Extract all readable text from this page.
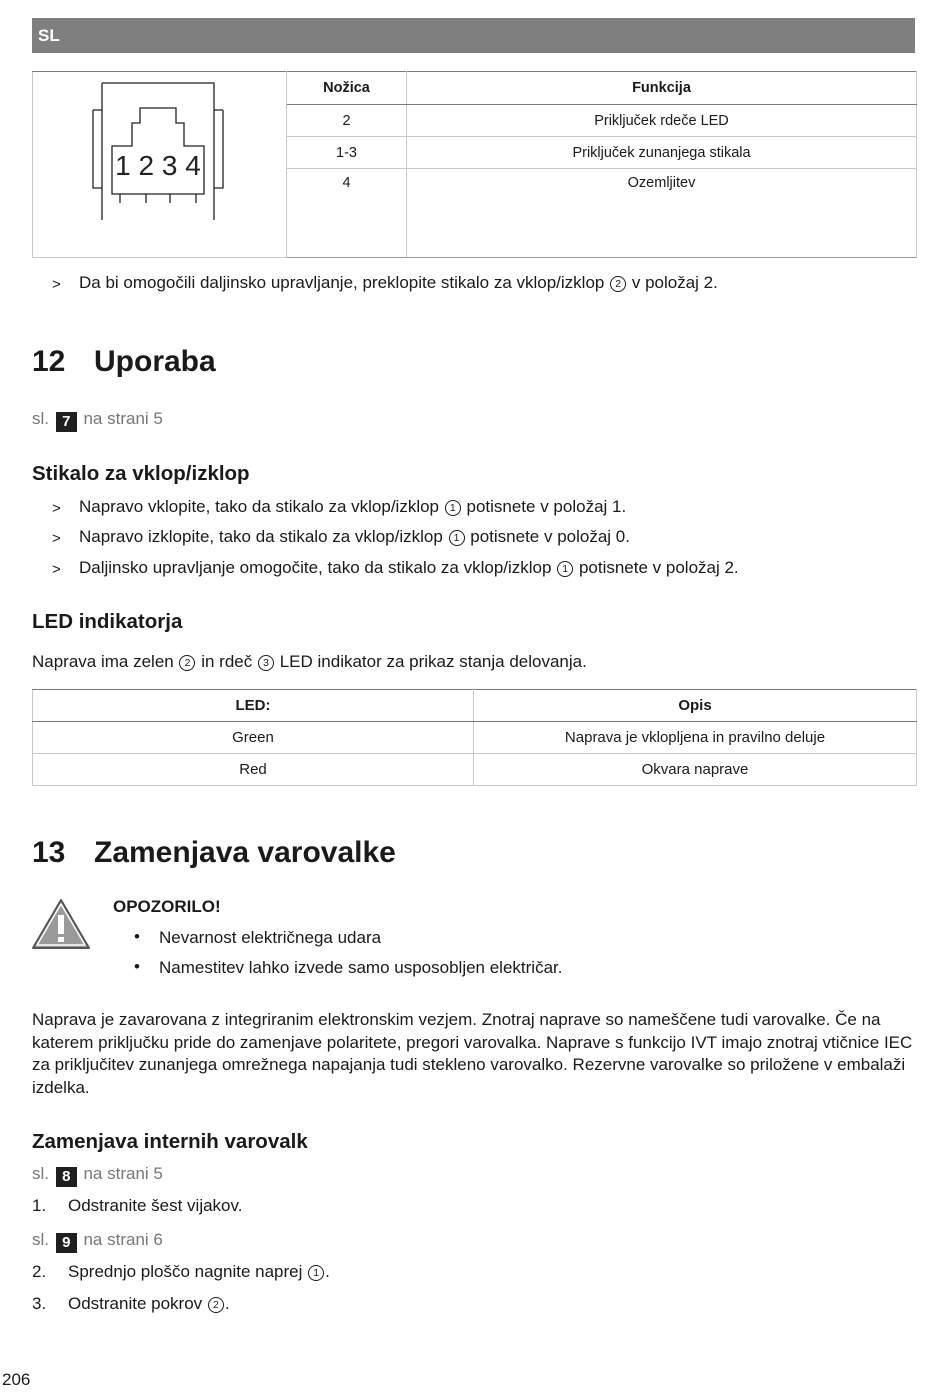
SL
1 2 3 4	Nožica	Funkcija
	2	Priključek rdeče LED
	1-3	Priključek zunanjega stikala
	4	Ozemljitev

> Da bi omogočili daljinsko upravljanje, preklopite stikalo za vklop/izklop 2 v položaj 2.
12 Uporaba
sl. 7 na strani 5
Stikalo za vklop/izklop
> Napravo vklopite, tako da stikalo za vklop/izklop 1 potisnete v položaj 1.
> Napravo izklopite, tako da stikalo za vklop/izklop 1 potisnete v položaj 0.
> Daljinsko upravljanje omogočite, tako da stikalo za vklop/izklop 1 potisnete v položaj 2.
LED indikatorja
Naprava ima zelen 2 in rdeč 3 LED indikator za prikaz stanja delovanja.
LED:	Opis
Green	Naprava je vklopljena in pravilno deluje
Red	Okvara naprave
13 Zamenjava varovalke
OPOZORILO!
• Nevarnost električnega udara
• Namestitev lahko izvede samo usposobljen električar.
Naprava je zavarovana z integriranim elektronskim vezjem. Znotraj naprave so nameščene tudi varovalke. Če na katerem priključku pride do zamenjave polaritete, pregori varovalka. Naprave s funkcijo IVT imajo znotraj vtičnice IEC za priključitev zunanjega omrežnega napajanja tudi stekleno varovalko. Rezervne varovalke so priložene v embalaži izdelka.
Zamenjava internih varovalk
sl. 8 na strani 5
1. Odstranite šest vijakov.
sl. 9 na strani 6
2. Sprednjo ploščo nagnite naprej 1 .
3. Odstranite pokrov 2 .
206
